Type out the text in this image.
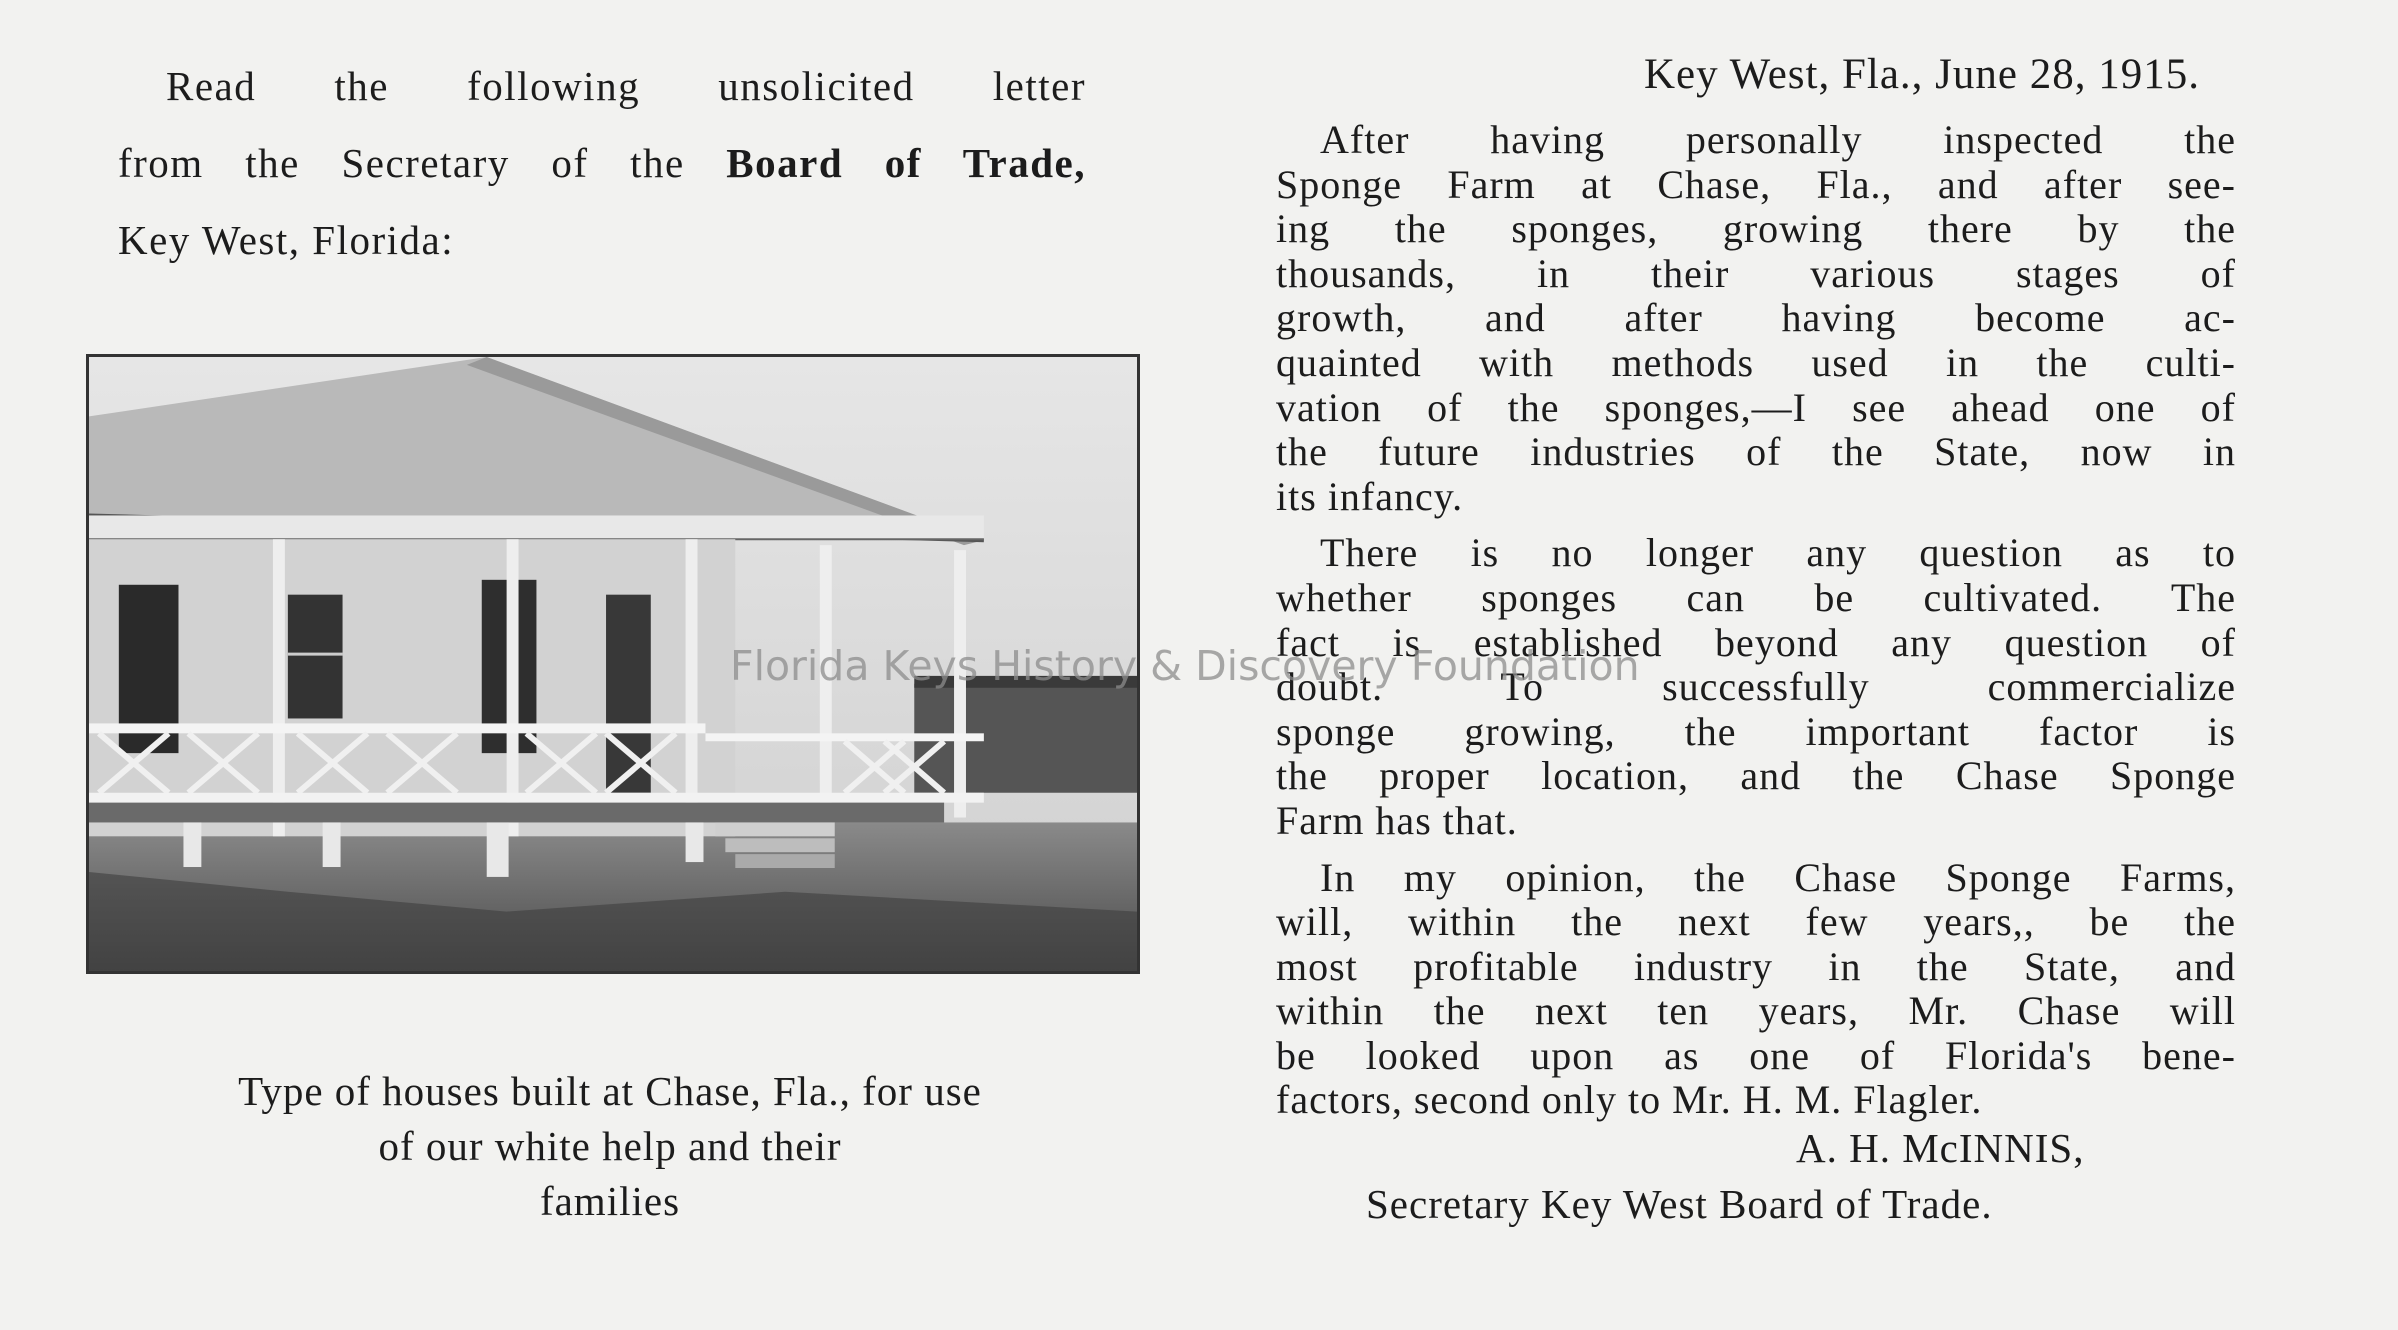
Read the following unsolicited letter
from the Secretary of the Board of Trade,
Key West, Florida:
Type of houses built at Chase, Fla., for use
of our white help and their
families
Key West, Fla., June 28, 1915.
After having personally inspected the
Sponge Farm at Chase, Fla., and after see-
ing the sponges, growing there by the
thousands, in their various stages of
growth, and after having become ac-
quainted with methods used in the culti-
vation of the sponges,—I see ahead one of
the future industries of the State, now in
its infancy.
There is no longer any question as to
whether sponges can be cultivated. The
fact is established beyond any question of
doubt. To successfully commercialize
sponge growing, the important factor is
the proper location, and the Chase Sponge
Farm has that.
In my opinion, the Chase Sponge Farms,
will, within the next few years,, be the
most profitable industry in the State, and
within the next ten years, Mr. Chase will
be looked upon as one of Florida's bene-
factors, second only to Mr. H. M. Flagler.
A. H. McINNIS,
Secretary Key West Board of Trade.
Florida Keys History & Discovery Foundation
